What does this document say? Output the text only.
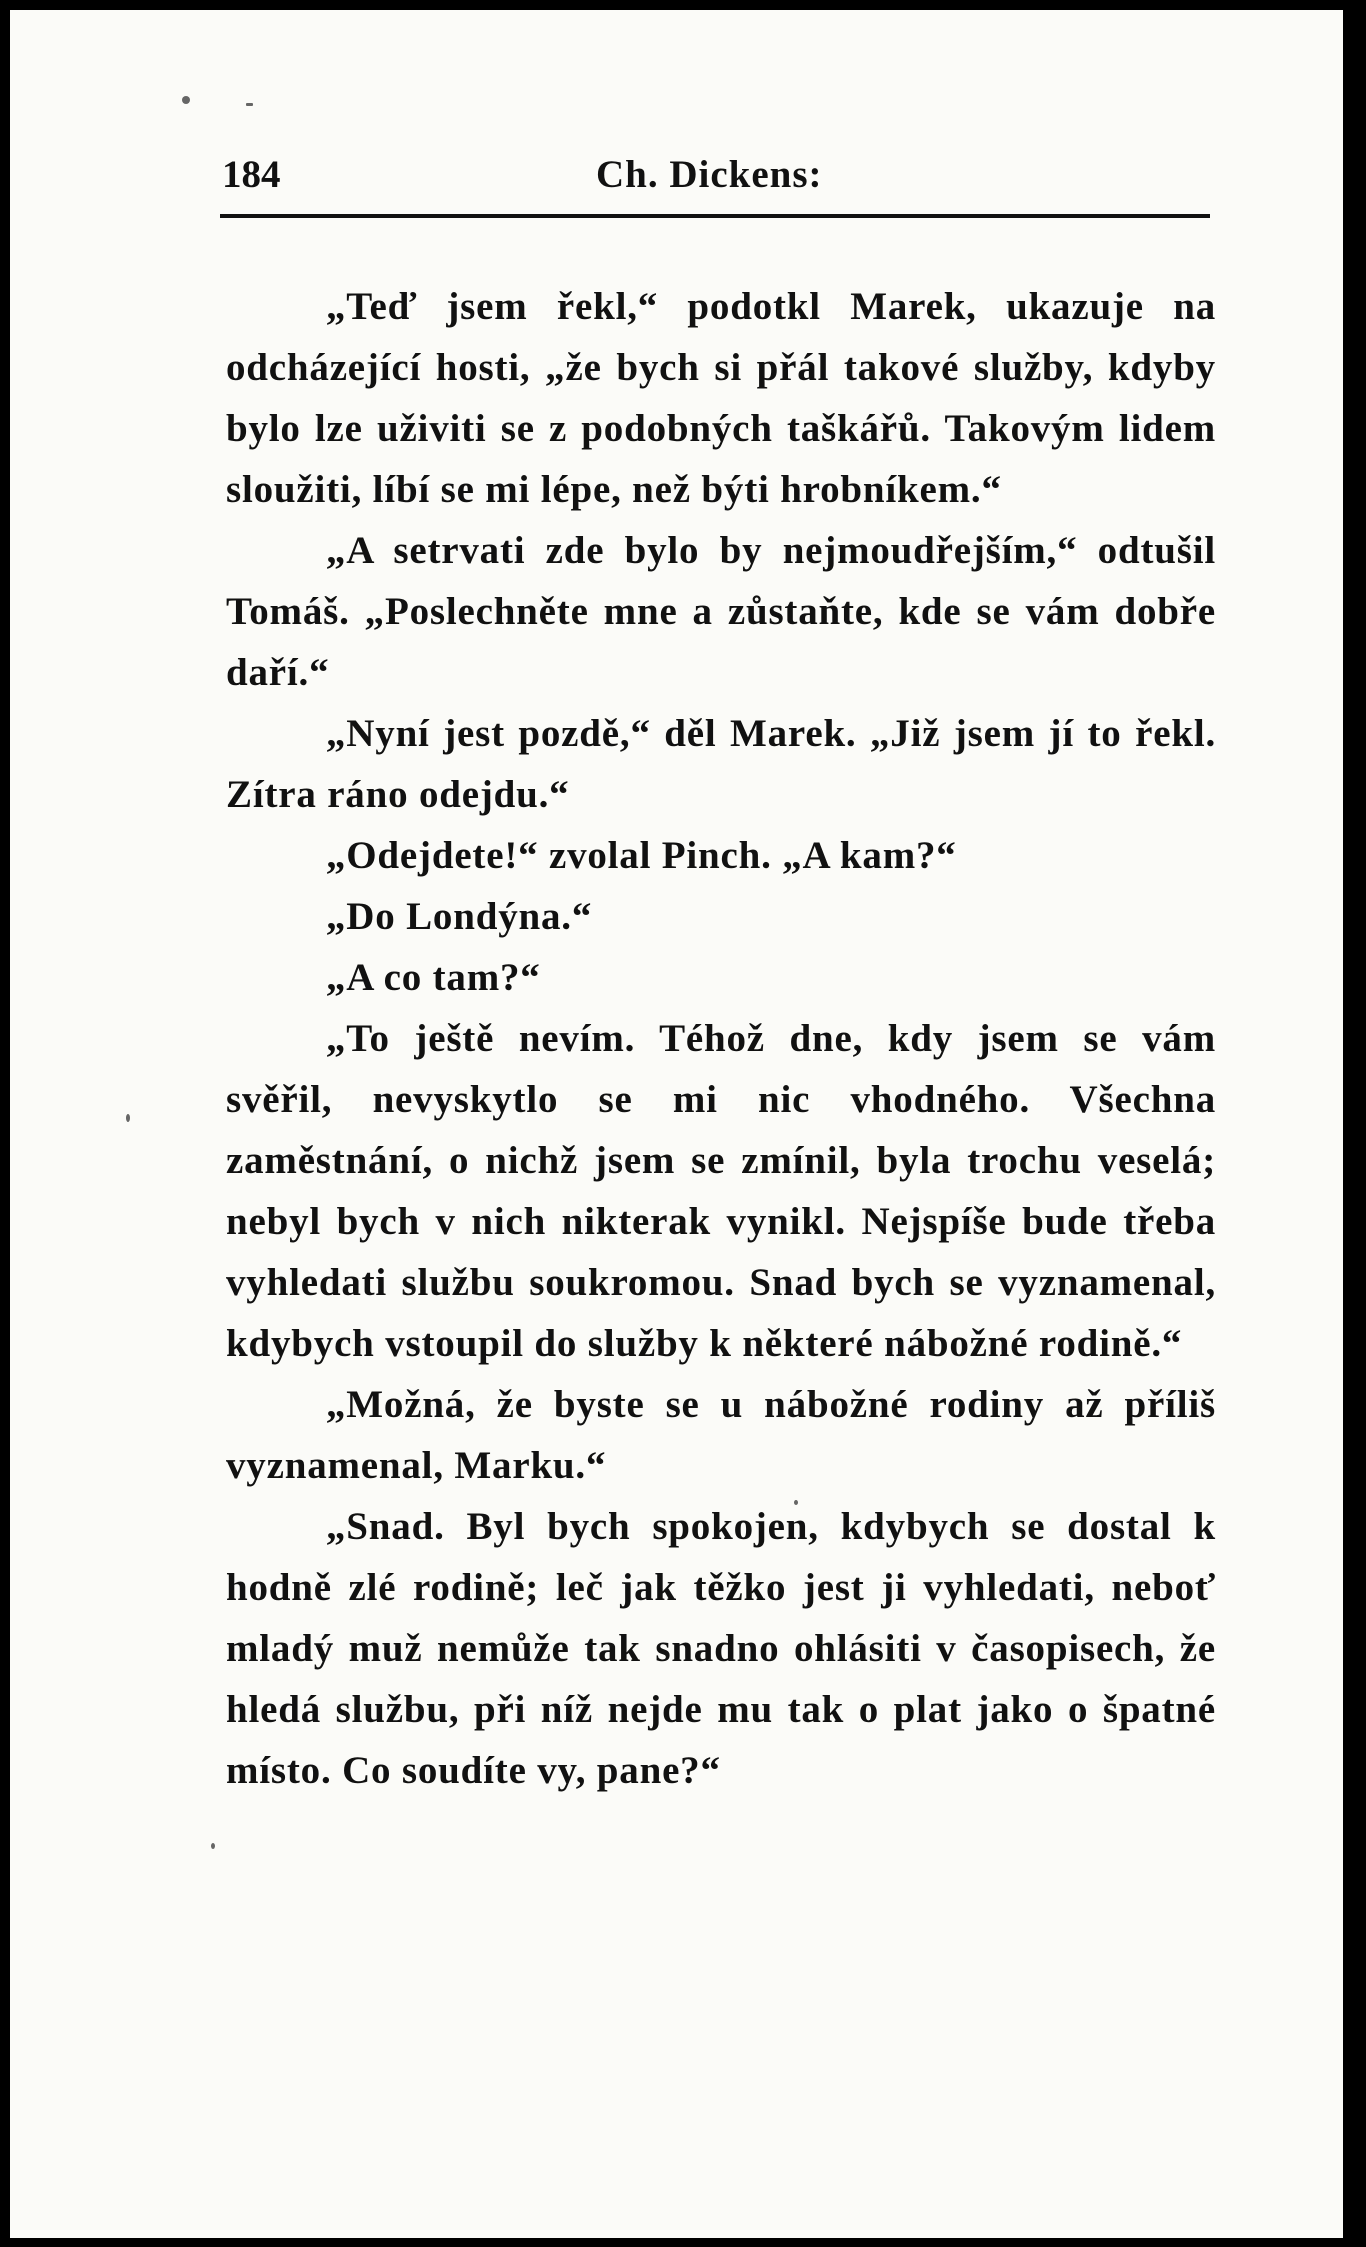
184	Ch. Dickens:

„Teď jsem řekl,“ podotkl Marek, ukazuje na odcházející hosti, „že bych si přál takové služby, kdyby bylo lze uživiti se z podobných taškářů. Takovým lidem sloužiti, líbí se mi lépe, než býti hrobníkem.“

„A setrvati zde bylo by nejmoudřejším,“ odtušil Tomáš. „Poslechněte mne a zůstaňte, kde se vám dobře daří.“

„Nyní jest pozdě,“ děl Marek. „Již jsem jí to řekl. Zítra ráno odejdu.“

„Odejdete!“ zvolal Pinch. „A kam?“

„Do Londýna.“

„A co tam?“

„To ještě nevím. Téhož dne, kdy jsem se vám svěřil, nevyskytlo se mi nic vhodného. Všechna zaměstnání, o nichž jsem se zmínil, byla trochu veselá; nebyl bych v nich nikterak vynikl. Nejspíše bude třeba vyhledati službu soukromou. Snad bych se vyznamenal, kdybych vstoupil do služby k některé nábožné rodině.“

„Možná, že byste se u nábožné rodiny až příliš vyznamenal, Marku.“

„Snad. Byl bych spokojen, kdybych se dostal k hodně zlé rodině; leč jak těžko jest ji vyhledati, neboť mladý muž nemůže tak snadno ohlásiti v časopisech, že hledá službu, při níž nejde mu tak o plat jako o špatné místo. Co soudíte vy, pane?“
